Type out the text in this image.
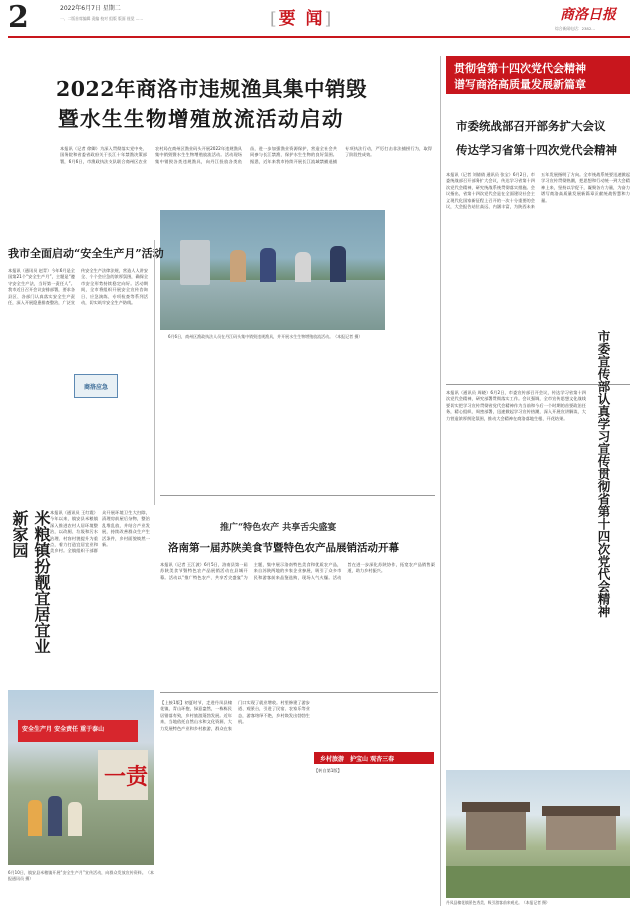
2	2022年6月7日 星期二
一、二版首席编辑 责编 校对 组版 版面 视觉 ……	[要 闻]	商洛日报
综合新闻电话：2382…
2022年商洛市违规渔具集中销毁
暨水生生物增殖放流活动启动
本报讯（记者 徐卿）为深入贯彻落实党中央、国务院和省委省政府关于长江十年禁渔决策部署，6月6日，市渔政执法支队联合商州区农业农村局在商州区渔业码头开展2022年违规渔具集中销毁暨水生生物增殖放流活动。活动现场集中销毁各类违规渔具，向丹江投放各类鱼苗，进一步加强渔业资源保护，营造全社会共同参与长江禁渔、保护水生生物的良好氛围。据悉，近年来我市持续开展长江流域禁捕退捕专项执法行动，严厉打击非法捕捞行为，取得了阶段性成效。
6月6日，商州区渔政执法人员在丹江码头集中销毁违规渔具，并开展水生生物增殖放流活动。（本报记者 摄）
我市全面启动“安全生产月”活动
本报讯（通讯员 赵青）今年6月是全国第21个“安全生产月”，主题是“遵守安全生产法，当好第一责任人”。我市近日召开会议安排部署，要求各县区、各部门认真落实安全生产责任，深入开展隐患排查整治，广泛宣传安全生产法律法规，营造人人讲安全、个个会应急的浓厚氛围，确保全市安全形势持续稳定向好。活动期间，全市将组织开展安全宣传咨询日、应急演练、专项检查等系列活动，切实筑牢安全生产防线。
商洛应急
米粮镇扮靓宜居宜业新家园	本报讯（通讯员 王红霞）今年以来，镇安县米粮镇深入推进农村人居环境整治，以改厕、垃圾和污水治理、村容村貌提升为重点，着力打造宜居宜业和美乡村。全镇组织干部群众开展环境卫生大扫除，清理房前屋后杂物，整治乱堆乱放，并结合产业发展，持续改善群众生产生活条件，乡村面貌焕然一新。
安全生产月 安全责任 重于泰山
一责
6月10日，镇安县米粮镇开展“安全生产月”宣传活动，向群众发放宣传资料。（本报通讯员 摄）
推广“特色农产 共享舌尖盛宴
洛南第一届苏陕美食节暨特色农产品展销活动开幕
本报讯（记者 王江波）6月5日，洛南县第一届苏陕美食节暨特色农产品展销活动在县城开幕。活动以“推广特色农产、共享舌尖盛宴”为主题，集中展示洛南特色美食和优质农产品，来自苏陕两地的多家企业参展，吸引了众多市民和游客前来品鉴选购，现场人气火爆。活动旨在进一步深化苏陕协作，拓宽农产品销售渠道，助力乡村振兴。
【上接1版】初夏时节，走进丹凤县棣花镇，青山环抱，绿意盎然，一栋栋民居错落有致，乡村旅游蓬勃发展。近年来，当地依托自然山水和文化资源，大力发展特色产业和乡村旅游，群众在家门口实现了就业增收。村里修建了游步道、观景台，引进了民宿、农家乐等业态，游客络绎不绝，乡村焕发出勃勃生机。
乡村旅游	护宝山 观杏三春
【转自第1版】
贯彻省第十四次党代会精神
谱写商洛高质量发展新篇章
市委统战部召开部务扩大会议
传达学习省第十四次党代会精神
本报讯（记者 刘倩倩 通讯员 张宝）6月2日，市委统战部召开部务扩大会议，传达学习省第十四次党代会精神，研究统战系统贯彻落实措施。会议指出，省第十四次党代会是在全面建设社会主义现代化国家新征程上召开的一次十分重要的会议，大会报告站位高远、内涵丰富，为陕西未来五年发展指明了方向。全市统战系统要迅速掀起学习宣传贯彻热潮，把思想和行动统一到大会精神上来，坚持以学促干，凝聚各方力量，为奋力谱写商洛高质量发展新篇章贡献统战智慧和力量。
本报讯（通讯员 周晓）6月2日，市委宣传部召开会议，传达学习省第十四次党代会精神，研究部署贯彻落实工作。会议强调，全市宣传思想文化战线要切实把学习宣传贯彻省党代会精神作为当前和今后一个时期的首要政治任务，精心组织、周密部署，迅速掀起学习宣传热潮，深入开展宣讲解读，大力营造浓厚舆论氛围，推动大会精神在商洛落地生根、开花结果。	市委宣传部认真学习宣传贯彻省第十四次党代会精神
丹凤县棣花镇景色秀美，吸引游客前来观光。（本报记者 摄）
